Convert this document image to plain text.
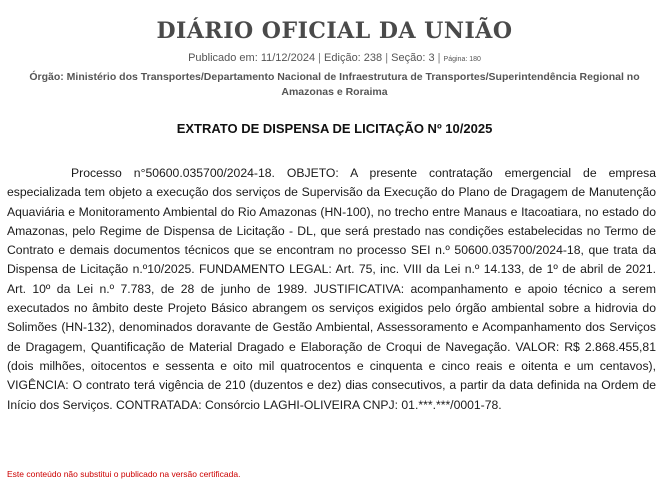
DIÁRIO OFICIAL DA UNIÃO
Publicado em: 11/12/2024 | Edição: 238 | Seção: 3 | Página: 180
Órgão: Ministério dos Transportes/Departamento Nacional de Infraestrutura de Transportes/Superintendência Regional no Amazonas e Roraima
EXTRATO DE DISPENSA DE LICITAÇÃO Nº 10/2025

Processo n°50600.035700/2024-18. OBJETO: A presente contratação emergencial de empresa especializada tem objeto a execução dos serviços de Supervisão da Execução do Plano de Dragagem de Manutenção Aquaviária e Monitoramento Ambiental do Rio Amazonas (HN-100), no trecho entre Manaus e Itacoatiara, no estado do Amazonas, pelo Regime de Dispensa de Licitação - DL, que será prestado nas condições estabelecidas no Termo de Contrato e demais documentos técnicos que se encontram no processo SEI n.º 50600.035700/2024-18, que trata da Dispensa de Licitação n.º10/2025. FUNDAMENTO LEGAL: Art. 75, inc. VIII da Lei n.º 14.133, de 1º de abril de 2021. Art. 10º da Lei n.º 7.783, de 28 de junho de 1989. JUSTIFICATIVA: acompanhamento e apoio técnico a serem executados no âmbito deste Projeto Básico abrangem os serviços exigidos pelo órgão ambiental sobre a hidrovia do Solimões (HN-132), denominados doravante de Gestão Ambiental, Assessoramento e Acompanhamento dos Serviços de Dragagem, Quantificação de Material Dragado e Elaboração de Croqui de Navegação. VALOR: R$ 2.868.455,81 (dois milhões, oitocentos e sessenta e oito mil quatrocentos e cinquenta e cinco reais e oitenta e um centavos), VIGÊNCIA: O contrato terá vigência de 210 (duzentos e dez) dias consecutivos, a partir da data definida na Ordem de Início dos Serviços. CONTRATADA: Consórcio LAGHI-OLIVEIRA CNPJ: 01.***.***/0001-78.

Este conteúdo não substitui o publicado na versão certificada.
